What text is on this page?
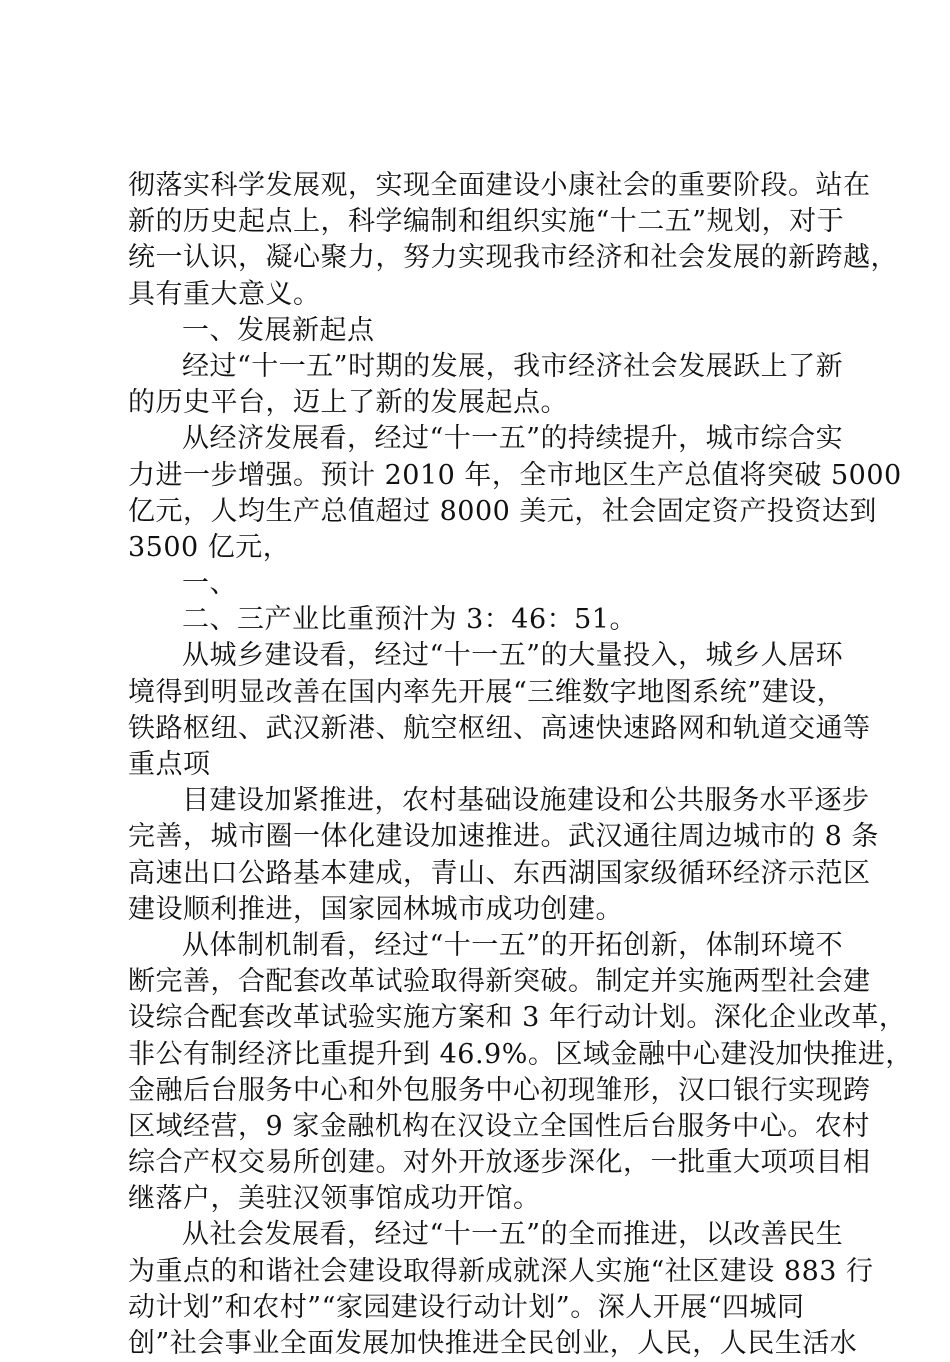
彻落实科学发展观，实现全面建设小康社会的重要阶段。站在
新的历史起点上，科学编制和组织实施“十二五”规划，对于
统一认识，凝心聚力，努力实现我市经济和社会发展的新跨越，
具有重大意义。
一、发展新起点
经过“十一五”时期的发展，我市经济社会发展跃上了新
的历史平台，迈上了新的发展起点。
从经济发展看，经过“十一五”的持续提升，城市综合实
力进一步增强。预计 2010 年，全市地区生产总值将突破 5000
亿元，人均生产总值超过 8000 美元，社会固定资产投资达到
3500 亿元，
一、
二、三产业比重预汁为 3：46：51。
从城乡建设看，经过“十一五”的大量投入，城乡人居环
境得到明显改善在国内率先开展“三维数字地图系统”建设，
铁路枢纽、武汉新港、航空枢纽、高速快速路网和轨道交通等
重点项
目建设加紧推进，农村基础设施建设和公共服务水平逐步
完善，城市圈一体化建设加速推进。武汉通往周边城市的 8 条
高速出口公路基本建成，青山、东西湖国家级循环经济示范区
建设顺利推进，国家园林城市成功创建。
从体制机制看，经过“十一五”的开拓创新，体制环境不
断完善，合配套改革试验取得新突破。制定并实施两型社会建
设综合配套改革试验实施方案和 3 年行动计划。深化企业改革，
非公有制经济比重提升到 46.9%。区域金融中心建没加快推进，
金融后台服务中心和外包服务中心初现雏形，汉口银行实现跨
区域经营，9 家金融机构在汉设立全国性后台服务中心。农村
综合产权交易所创建。对外开放逐步深化，一批重大项项目相
继落户，美驻汉领事馆成功开馆。
从社会发展看，经过“十一五”的全而推进，以改善民生
为重点的和谐社会建设取得新成就深人实施“社区建设 883 行
动计划”和农村”“家园建设行动计划”。深人开展“四城同
创”社会事业全面发展加快推进全民创业，人民，人民生活水
